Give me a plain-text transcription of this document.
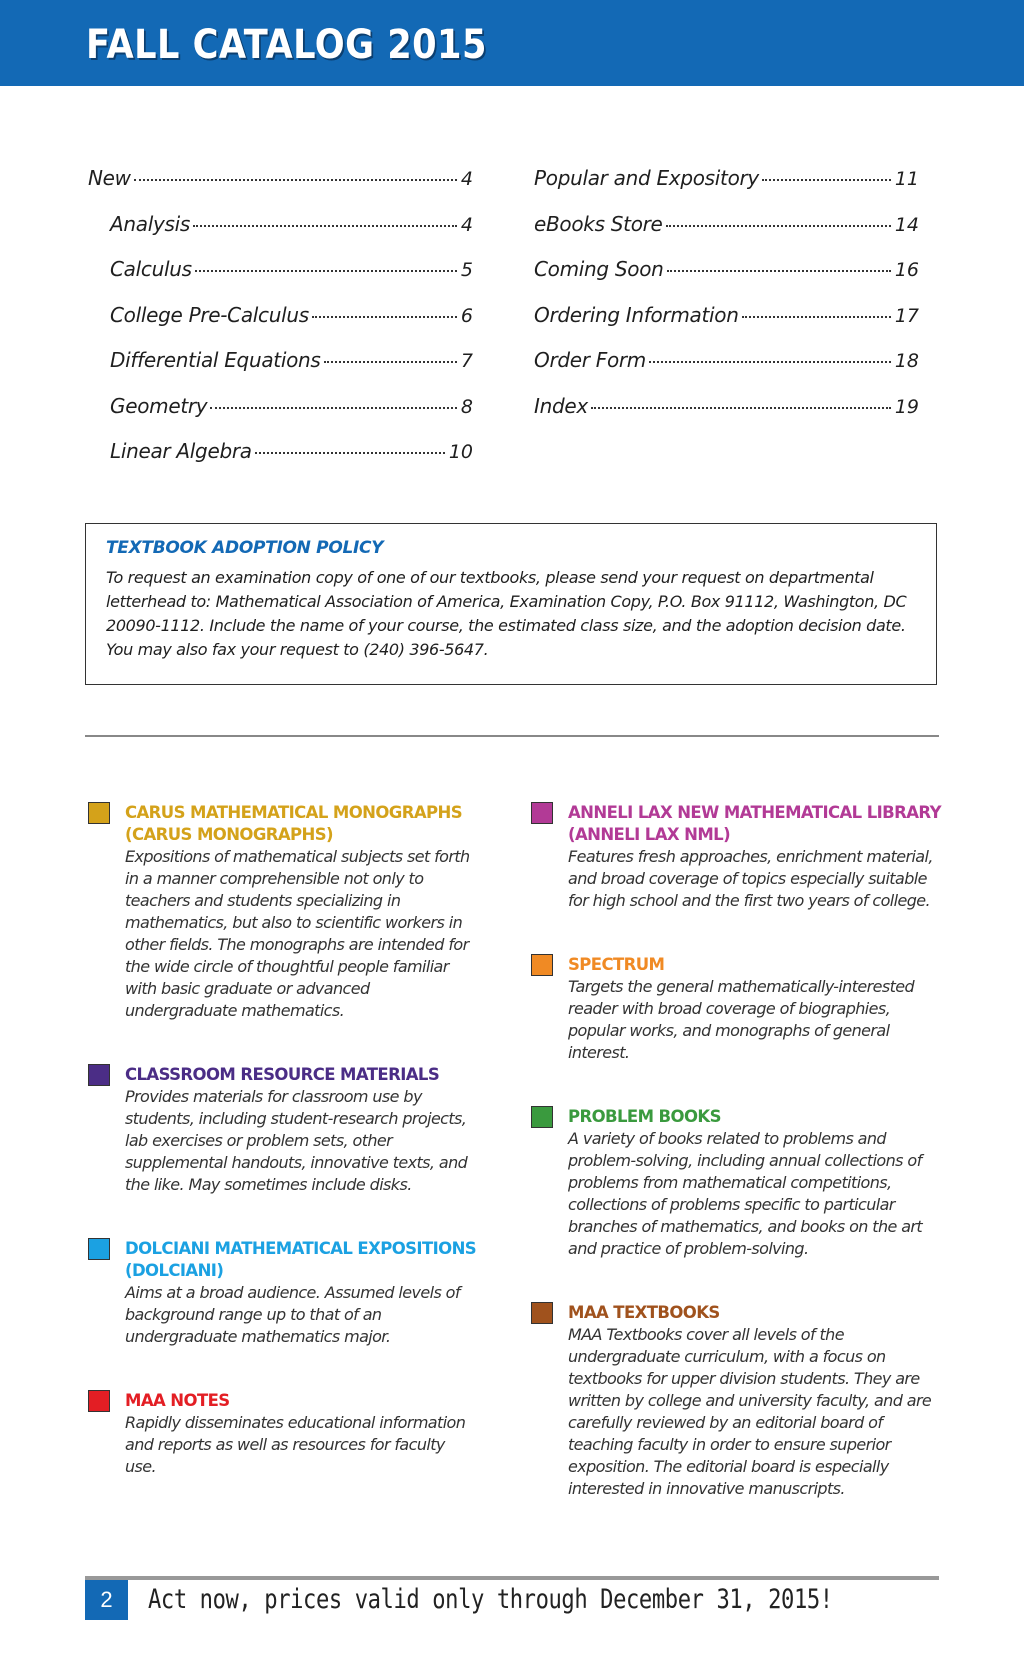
FALL CATALOG 2015
New	4
Analysis	4
Calculus	5
College Pre-Calculus	6
Differential Equations	7
Geometry	8
Linear Algebra	10
Popular and Expository	11
eBooks Store	14
Coming Soon	16
Ordering Information	17
Order Form	18
Index	19
TEXTBOOK ADOPTION POLICY
To request an examination copy of one of our textbooks, please send your request on departmental letterhead to: Mathematical Association of America, Examination Copy, P.O. Box 91112, Washington, DC 20090-1112. Include the name of your course, the estimated class size, and the adoption decision date. You may also fax your request to (240) 396-5647.
CARUS MATHEMATICAL MONOGRAPHS (CARUS MONOGRAPHS)
Expositions of mathematical subjects set forth in a manner comprehensible not only to teachers and students specializing in mathematics, but also to scientific workers in other fields. The monographs are intended for the wide circle of thoughtful people familiar with basic graduate or advanced undergraduate mathematics.
CLASSROOM RESOURCE MATERIALS
Provides materials for classroom use by students, including student-research projects, lab exercises or problem sets, other supplemental handouts, innovative texts, and the like. May sometimes include disks.
DOLCIANI MATHEMATICAL EXPOSITIONS (DOLCIANI)
Aims at a broad audience. Assumed levels of background range up to that of an undergraduate mathematics major.
MAA NOTES
Rapidly disseminates educational information and reports as well as resources for faculty use.
ANNELI LAX NEW MATHEMATICAL LIBRARY (ANNELI LAX NML)
Features fresh approaches, enrichment material, and broad coverage of topics especially suitable for high school and the first two years of college.
SPECTRUM
Targets the general mathematically-interested reader with broad coverage of biographies, popular works, and monographs of general interest.
PROBLEM BOOKS
A variety of books related to problems and problem-solving, including annual collections of problems from mathematical competitions, collections of problems specific to particular branches of mathematics, and books on the art and practice of problem-solving.
MAA TEXTBOOKS
MAA Textbooks cover all levels of the undergraduate curriculum, with a focus on textbooks for upper division students. They are written by college and university faculty, and are carefully reviewed by an editorial board of teaching faculty in order to ensure superior exposition. The editorial board is especially interested in innovative manuscripts.
2	Act now, prices valid only through December 31, 2015!
